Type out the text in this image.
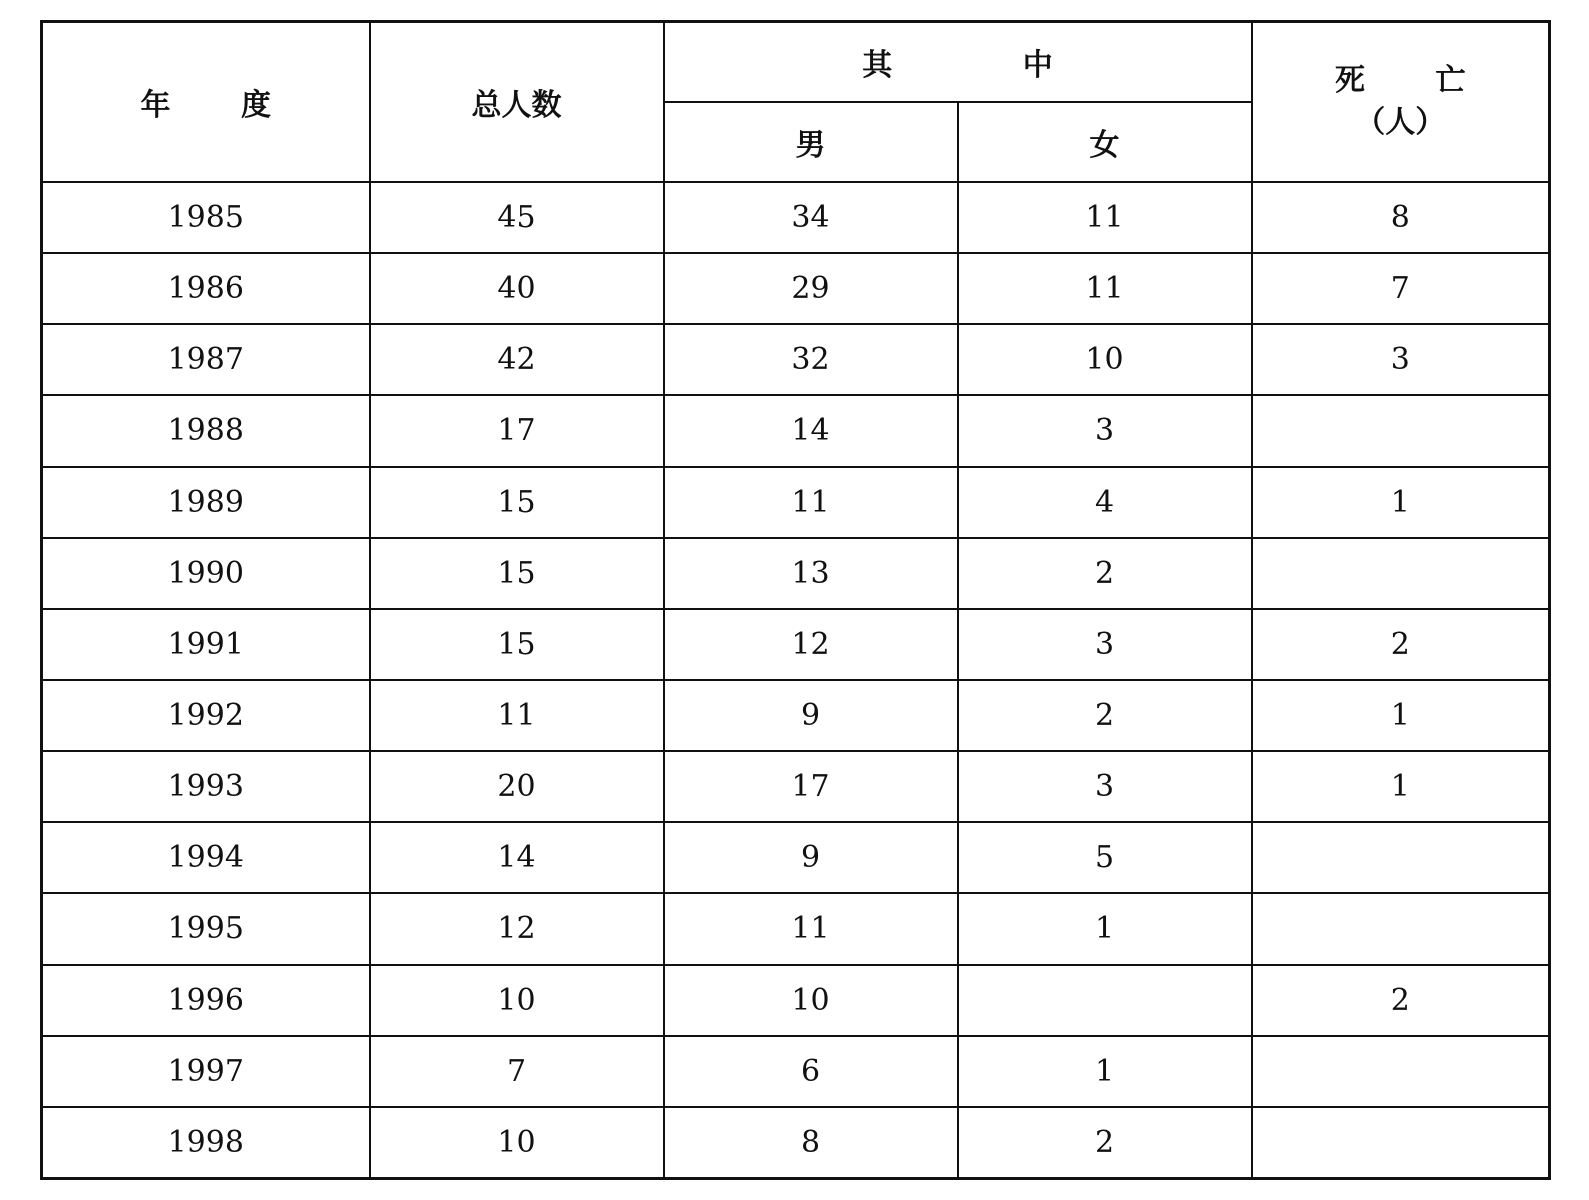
年 度	总人数	其 中		死 亡
（人）

		男	女	
1985	45	34	11	8
1986	40	29	11	7
1987	42	32	10	3
1988	17	14	3	
1989	15	11	4	1
1990	15	13	2	
1991	15	12	3	2
1992	11	9	2	1
1993	20	17	3	1
1994	14	9	5	
1995	12	11	1	
1996	10	10		2
1997	7	6	1	
1998	10	8	2	
